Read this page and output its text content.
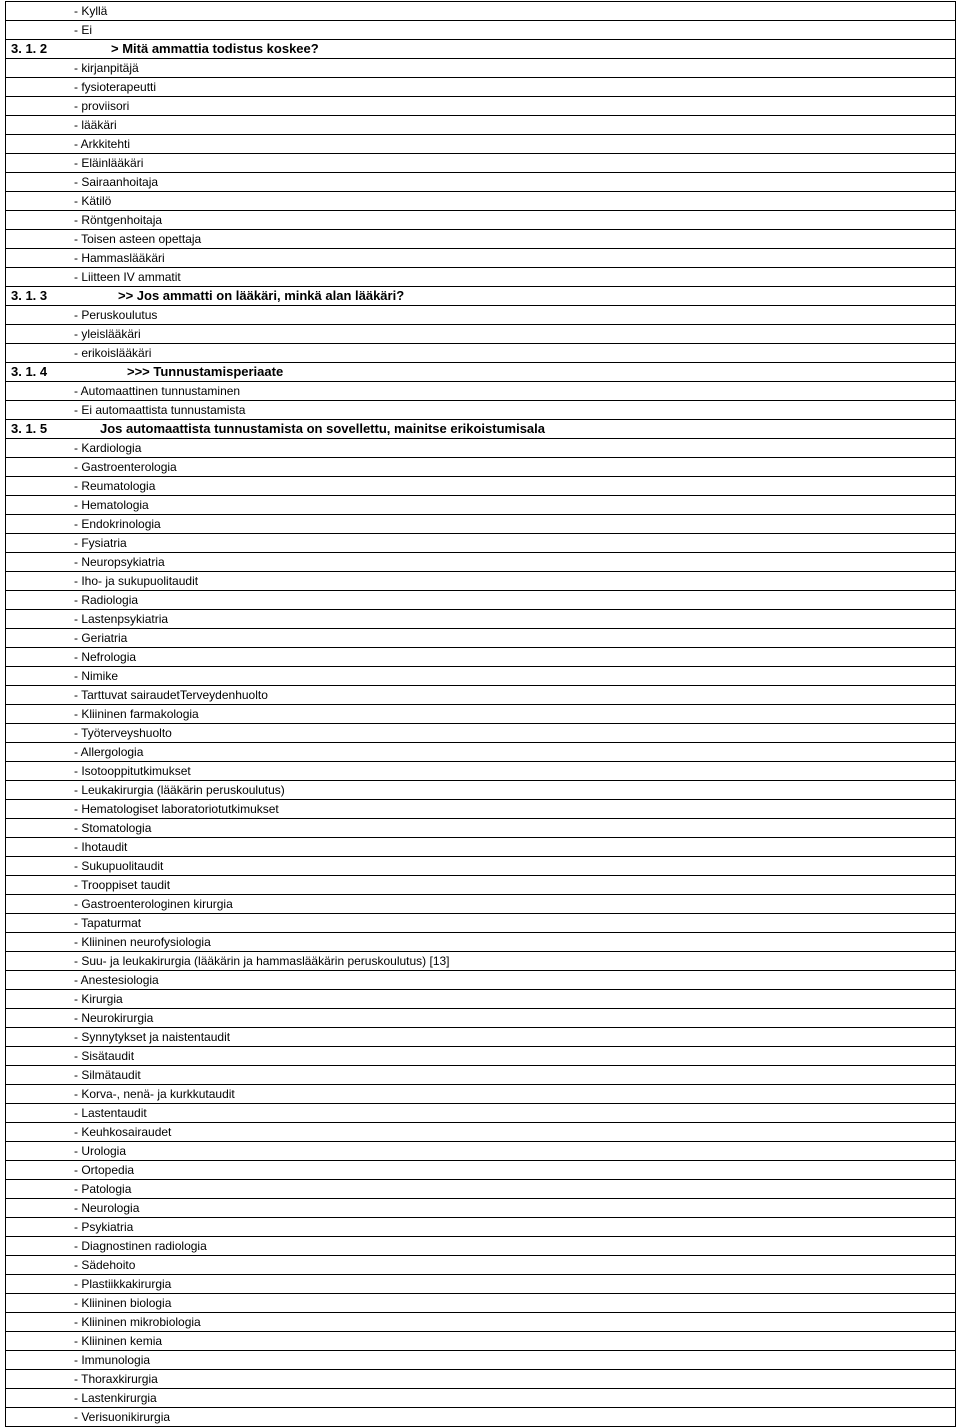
- Kyllä
- Ei
3. 1. 2	> Mitä ammattia todistus koskee?
- kirjanpitäjä
- fysioterapeutti
- proviisori
- lääkäri
- Arkkitehti
- Eläinlääkäri
- Sairaanhoitaja
- Kätilö
- Röntgenhoitaja
- Toisen asteen opettaja
- Hammaslääkäri
- Liitteen IV ammatit
3. 1. 3	>> Jos ammatti on lääkäri, minkä alan lääkäri?
- Peruskoulutus
- yleislääkäri
- erikoislääkäri
3. 1. 4	>>> Tunnustamisperiaate
- Automaattinen tunnustaminen
- Ei automaattista tunnustamista
3. 1. 5	Jos automaattista tunnustamista on sovellettu, mainitse erikoistumisala
- Kardiologia
- Gastroenterologia
- Reumatologia
- Hematologia
- Endokrinologia
- Fysiatria
- Neuropsykiatria
- Iho- ja sukupuolitaudit
- Radiologia
- Lastenpsykiatria
- Geriatria
- Nefrologia
- Nimike
- Tarttuvat sairaudetTerveydenhuolto
- Kliininen farmakologia
- Työterveyshuolto
- Allergologia
- Isotooppitutkimukset
- Leukakirurgia (lääkärin peruskoulutus)
- Hematologiset laboratoriotutkimukset
- Stomatologia
- Ihotaudit
- Sukupuolitaudit
- Trooppiset taudit
- Gastroenterologinen kirurgia
- Tapaturmat
- Kliininen neurofysiologia
- Suu- ja leukakirurgia (lääkärin ja hammaslääkärin peruskoulutus) [13]
- Anestesiologia
- Kirurgia
- Neurokirurgia
- Synnytykset ja naistentaudit
- Sisätaudit
- Silmätaudit
- Korva-, nenä- ja kurkkutaudit
- Lastentaudit
- Keuhkosairaudet
- Urologia
- Ortopedia
- Patologia
- Neurologia
- Psykiatria
- Diagnostinen radiologia
- Sädehoito
- Plastiikkakirurgia
- Kliininen biologia
- Kliininen mikrobiologia
- Kliininen kemia
- Immunologia
- Thoraxkirurgia
- Lastenkirurgia
- Verisuonikirurgia
